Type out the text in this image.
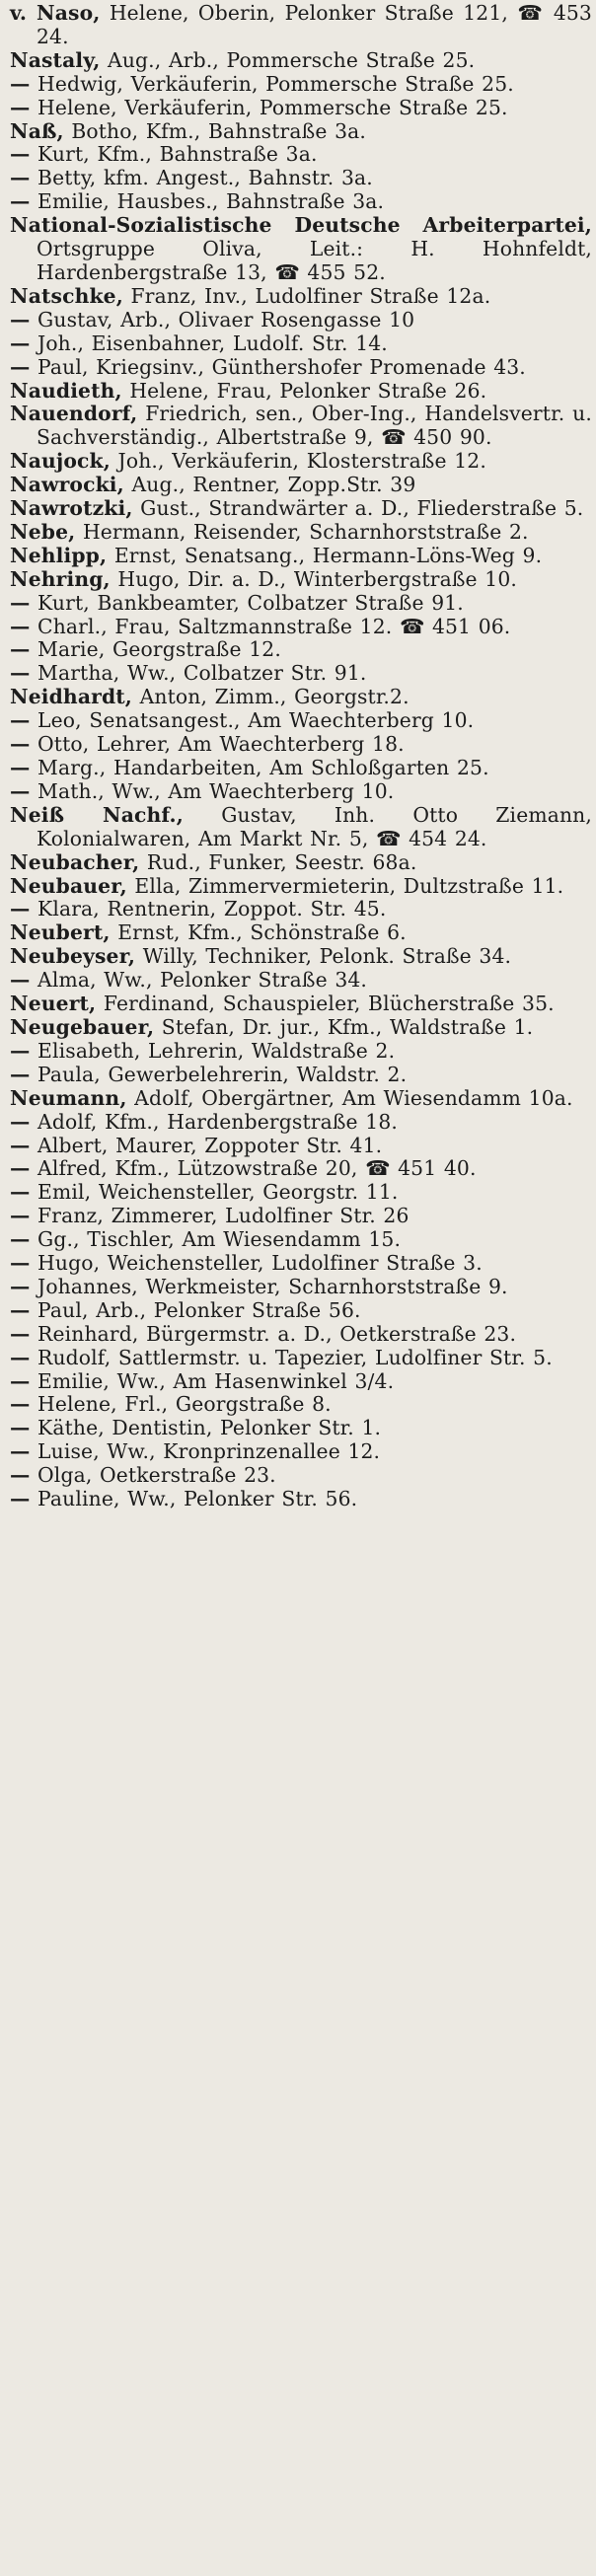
v. Naso, Helene, Oberin, Pelonker Straße 121, ☎ 453 24.
Nastaly, Aug., Arb., Pommersche Straße 25.
— Hedwig, Verkäuferin, Pommersche Straße 25.
— Helene, Verkäuferin, Pommersche Straße 25.
Naß, Botho, Kfm., Bahnstraße 3a.
— Kurt, Kfm., Bahnstraße 3a.
— Betty, kfm. Angest., Bahnstr. 3a.
— Emilie, Hausbes., Bahnstraße 3a.
National-Sozialistische Deutsche Arbeiterpartei, Ortsgruppe Oliva, Leit.: H. Hohnfeldt, Hardenbergstraße 13, ☎ 455 52.
Natschke, Franz, Inv., Ludolfiner Straße 12a.
— Gustav, Arb., Olivaer Rosengasse 10
— Joh., Eisenbahner, Ludolf. Str. 14.
— Paul, Kriegsinv., Günthershofer Promenade 43.
Naudieth, Helene, Frau, Pelonker Straße 26.
Nauendorf, Friedrich, sen., Ober-Ing., Handelsvertr. u. Sachverständig., Albertstraße 9, ☎ 450 90.
Naujock, Joh., Verkäuferin, Klosterstraße 12.
Nawrocki, Aug., Rentner, Zopp.Str. 39
Nawrotzki, Gust., Strandwärter a. D., Fliederstraße 5.
Nebe, Hermann, Reisender, Scharnhorststraße 2.
Nehlipp, Ernst, Senatsang., Hermann-Löns-Weg 9.
Nehring, Hugo, Dir. a. D., Winterbergstraße 10.
— Kurt, Bankbeamter, Colbatzer Straße 91.
— Charl., Frau, Saltzmannstraße 12. ☎ 451 06.
— Marie, Georgstraße 12.
— Martha, Ww., Colbatzer Str. 91.
Neidhardt, Anton, Zimm., Georgstr.2.
— Leo, Senatsangest., Am Waechterberg 10.
— Otto, Lehrer, Am Waechterberg 18.
— Marg., Handarbeiten, Am Schloßgarten 25.
— Math., Ww., Am Waechterberg 10.
Neiß Nachf., Gustav, Inh. Otto Ziemann, Kolonialwaren, Am Markt Nr. 5, ☎ 454 24.
Neubacher, Rud., Funker, Seestr. 68a.
Neubauer, Ella, Zimmervermieterin, Dultzstraße 11.
— Klara, Rentnerin, Zoppot. Str. 45.
Neubert, Ernst, Kfm., Schönstraße 6.
Neubeyser, Willy, Techniker, Pelonk. Straße 34.
— Alma, Ww., Pelonker Straße 34.
Neuert, Ferdinand, Schauspieler, Blücherstraße 35.
Neugebauer, Stefan, Dr. jur., Kfm., Waldstraße 1.
— Elisabeth, Lehrerin, Waldstraße 2.
— Paula, Gewerbelehrerin, Waldstr. 2.
Neumann, Adolf, Obergärtner, Am Wiesendamm 10a.
— Adolf, Kfm., Hardenbergstraße 18.
— Albert, Maurer, Zoppoter Str. 41.
— Alfred, Kfm., Lützowstraße 20, ☎ 451 40.
— Emil, Weichensteller, Georgstr. 11.
— Franz, Zimmerer, Ludolfiner Str. 26
— Gg., Tischler, Am Wiesendamm 15.
— Hugo, Weichensteller, Ludolfiner Straße 3.
— Johannes, Werkmeister, Scharnhorststraße 9.
— Paul, Arb., Pelonker Straße 56.
— Reinhard, Bürgermstr. a. D., Oetkerstraße 23.
— Rudolf, Sattlermstr. u. Tapezier, Ludolfiner Str. 5.
— Emilie, Ww., Am Hasenwinkel 3/4.
— Helene, Frl., Georgstraße 8.
— Käthe, Dentistin, Pelonker Str. 1.
— Luise, Ww., Kronprinzenallee 12.
— Olga, Oetkerstraße 23.
— Pauline, Ww., Pelonker Str. 56.
